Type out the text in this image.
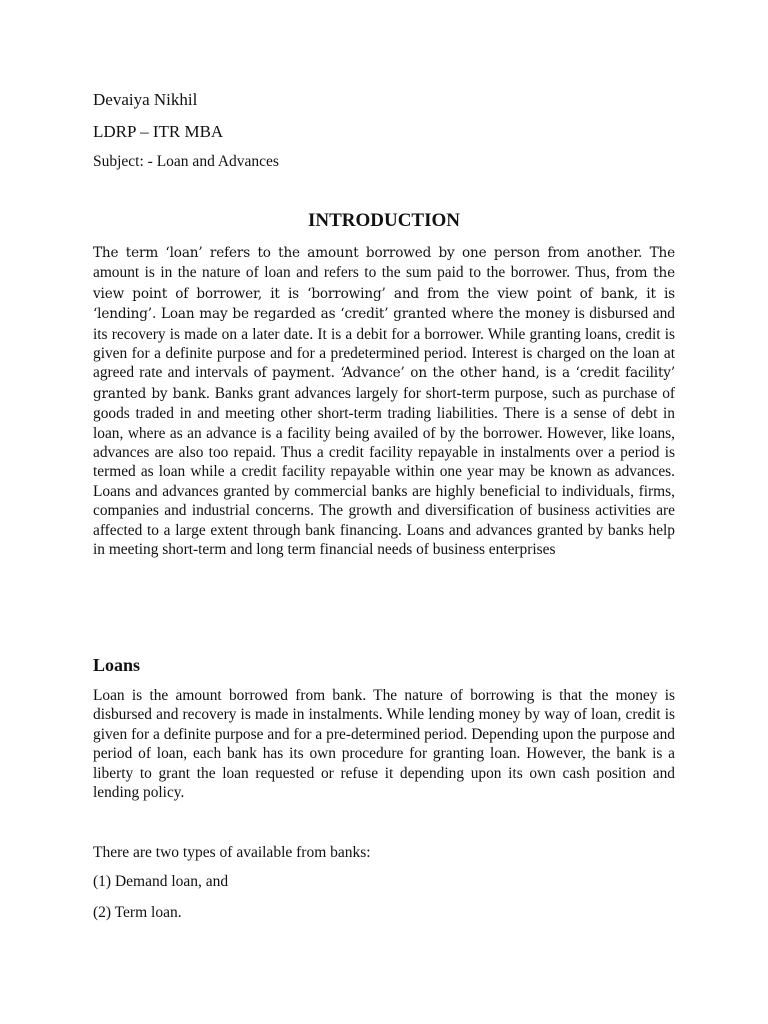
Devaiya Nikhil

LDRP – ITR MBA

Subject: - Loan and Advances

INTRODUCTION

The term ‘loan’ refers to the amount borrowed by one person from another. The amount is in the nature of loan and refers to the sum paid to the borrower. Thus, from the view point of borrower, it is ‘borrowing’ and from the view point of bank, it is ‘lending’. Loan may be regarded as ‘credit’ granted where the money is disbursed and its recovery is made on a later date. It is a debit for a borrower. While granting loans, credit is given for a definite purpose and for a predetermined period. Interest is charged on the loan at agreed rate and intervals of payment. ‘Advance’ on the other hand, is a ‘credit facility’ granted by bank. Banks grant advances largely for short-term purpose, such as purchase of goods traded in and meeting other short-term trading liabilities. There is a sense of debt in loan, where as an advance is a facility being availed of by the borrower. However, like loans, advances are also too repaid. Thus a credit facility repayable in instalments over a period is termed as loan while a credit facility repayable within one year may be known as advances. Loans and advances granted by commercial banks are highly beneficial to individuals, firms, companies and industrial concerns. The growth and diversification of business activities are affected to a large extent through bank financing. Loans and advances granted by banks help in meeting short-term and long term financial needs of business enterprises

Loans

Loan is the amount borrowed from bank. The nature of borrowing is that the money is disbursed and recovery is made in instalments. While lending money by way of loan, credit is given for a definite purpose and for a pre-determined period. Depending upon the purpose and period of loan, each bank has its own procedure for granting loan. However, the bank is a liberty to grant the loan requested or refuse it depending upon its own cash position and lending policy.

There are two types of available from banks:

(1) Demand loan, and

(2) Term loan.
